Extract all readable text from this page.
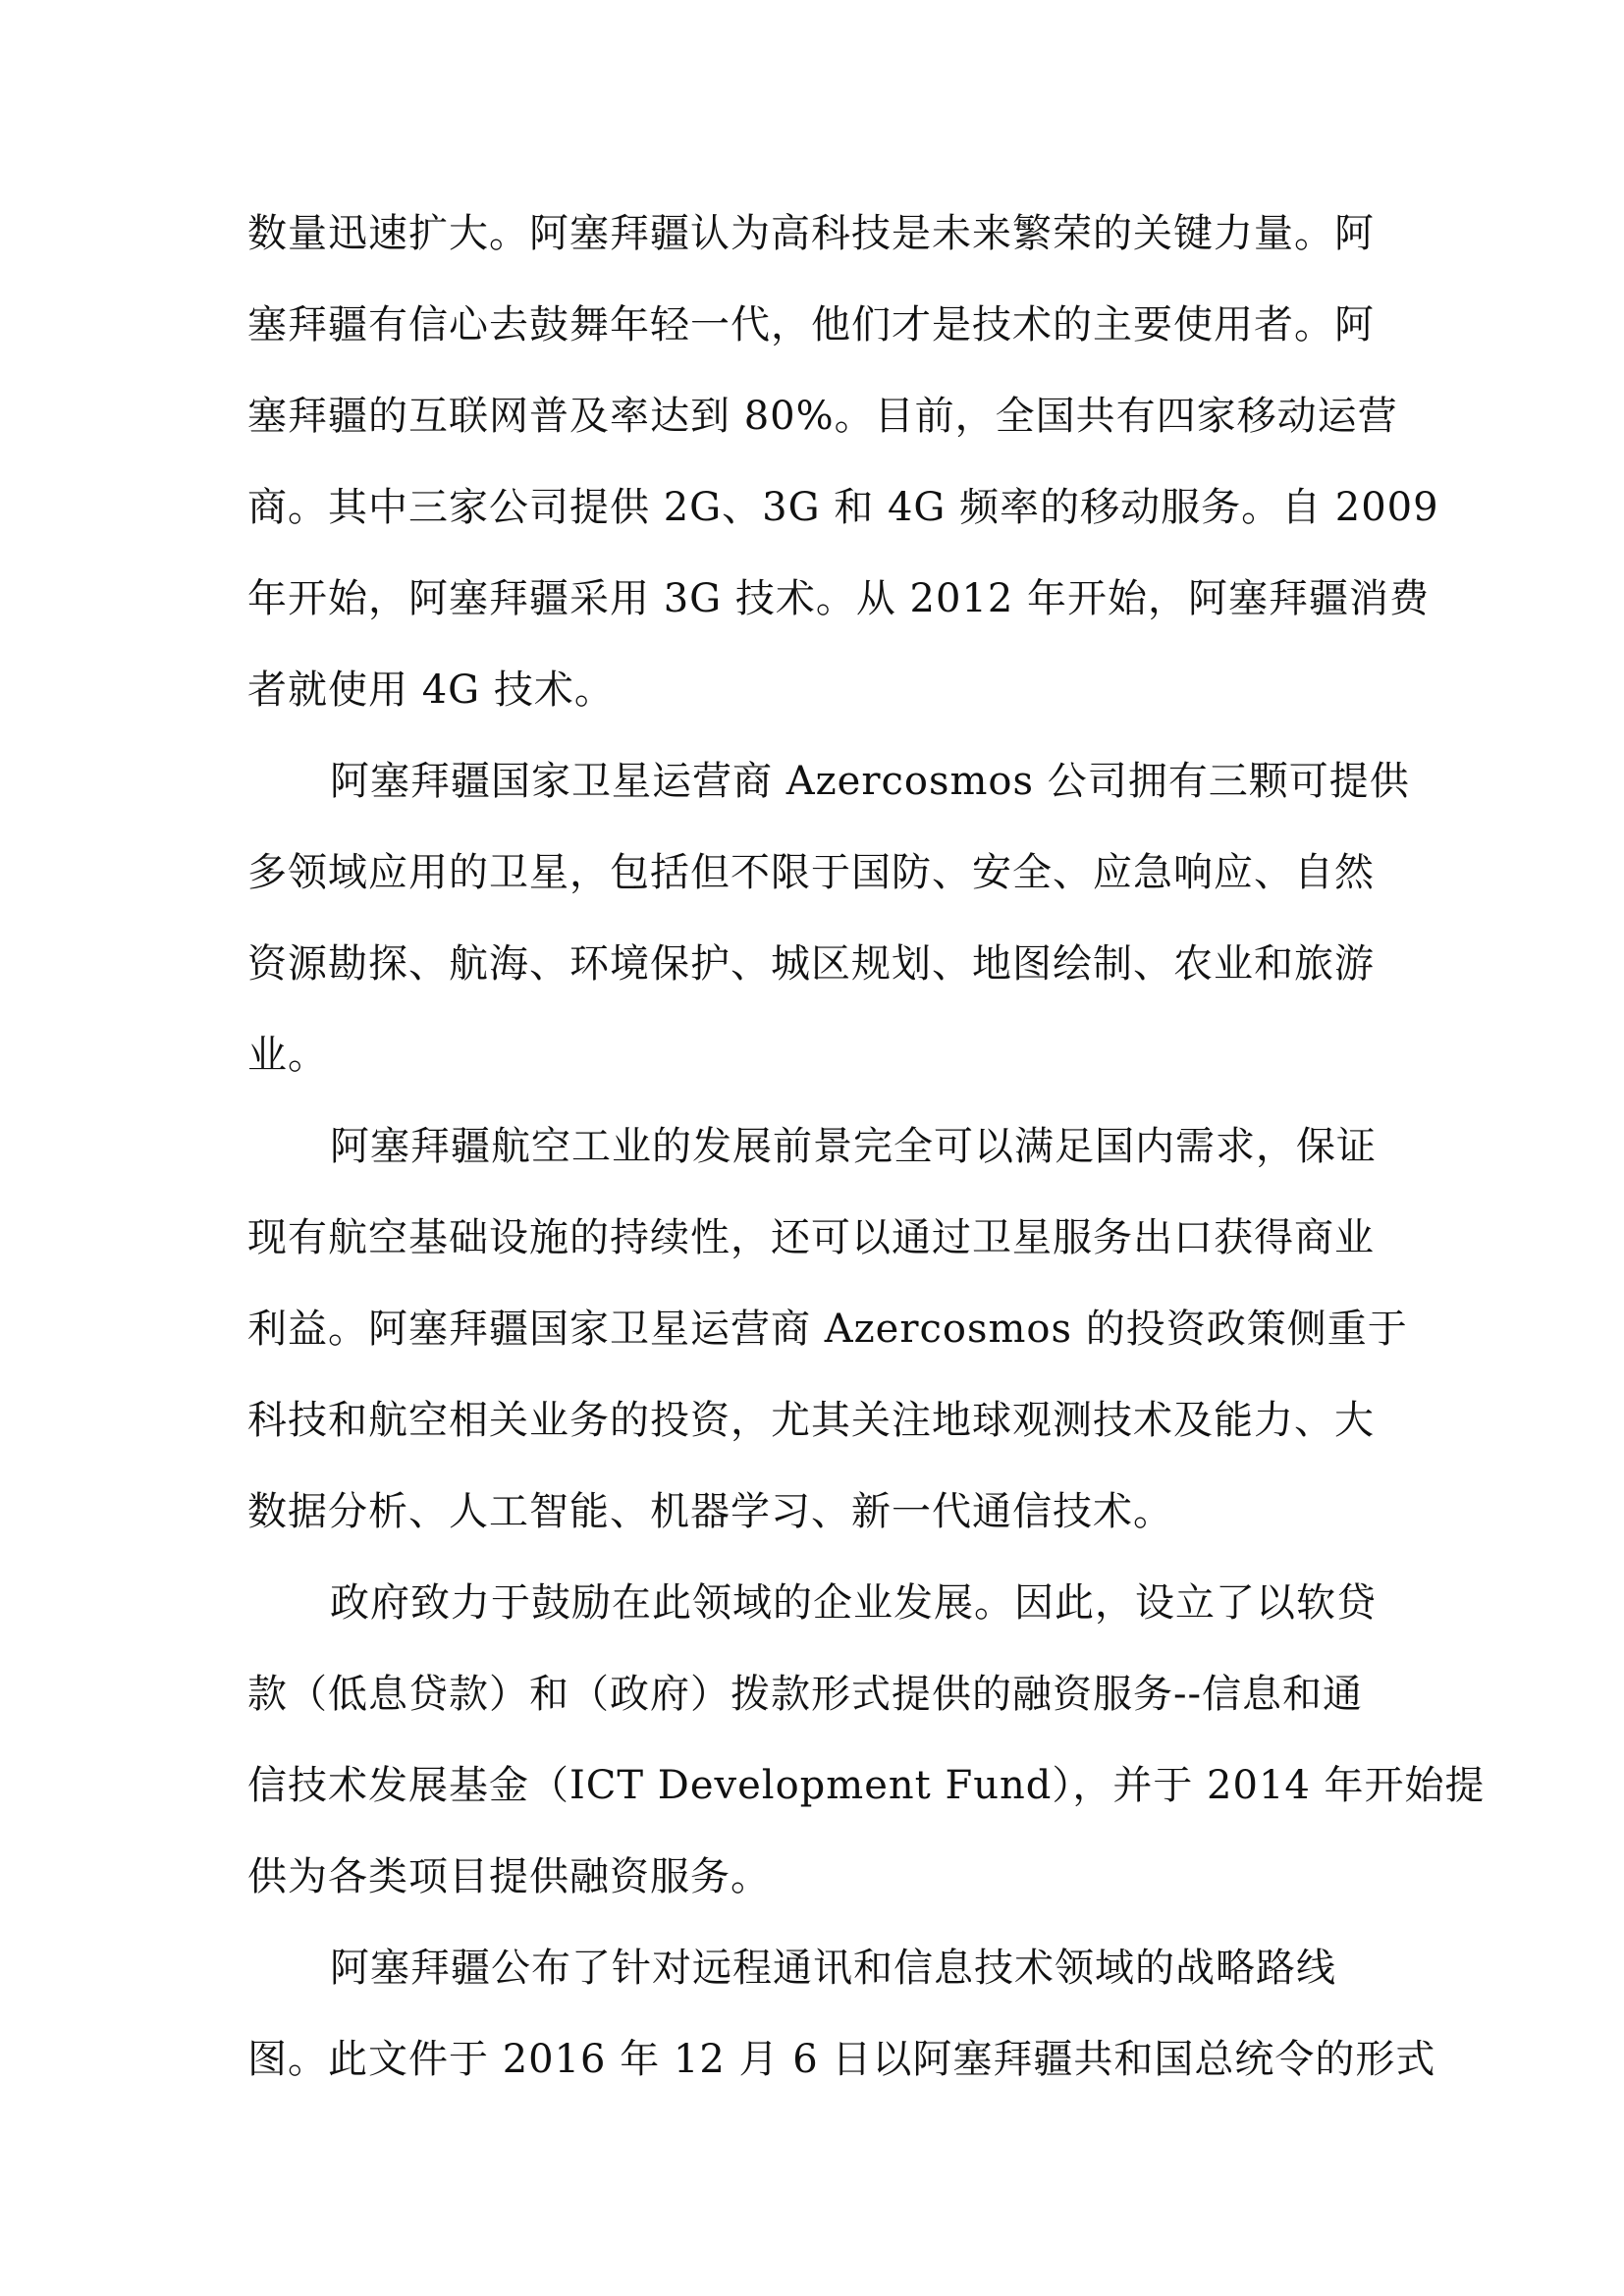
数量迅速扩大。阿塞拜疆认为高科技是未来繁荣的关键力量。阿
塞拜疆有信心去鼓舞年轻一代，他们才是技术的主要使用者。阿
塞拜疆的互联网普及率达到 80%。目前，全国共有四家移动运营
商。其中三家公司提供 2G、3G 和 4G 频率的移动服务。自 2009
年开始，阿塞拜疆采用 3G 技术。从 2012 年开始，阿塞拜疆消费
者就使用 4G 技术。
阿塞拜疆国家卫星运营商 Azercosmos 公司拥有三颗可提供
多领域应用的卫星，包括但不限于国防、安全、应急响应、自然
资源勘探、航海、环境保护、城区规划、地图绘制、农业和旅游
业。
阿塞拜疆航空工业的发展前景完全可以满足国内需求，保证
现有航空基础设施的持续性，还可以通过卫星服务出口获得商业
利益。阿塞拜疆国家卫星运营商 Azercosmos 的投资政策侧重于
科技和航空相关业务的投资，尤其关注地球观测技术及能力、大
数据分析、人工智能、机器学习、新一代通信技术。
政府致力于鼓励在此领域的企业发展。因此，设立了以软贷
款（低息贷款）和（政府）拨款形式提供的融资服务--信息和通
信技术发展基金（ICT Development Fund），并于 2014 年开始提
供为各类项目提供融资服务。
阿塞拜疆公布了针对远程通讯和信息技术领域的战略路线
图。此文件于 2016 年 12 月 6 日以阿塞拜疆共和国总统令的形式
